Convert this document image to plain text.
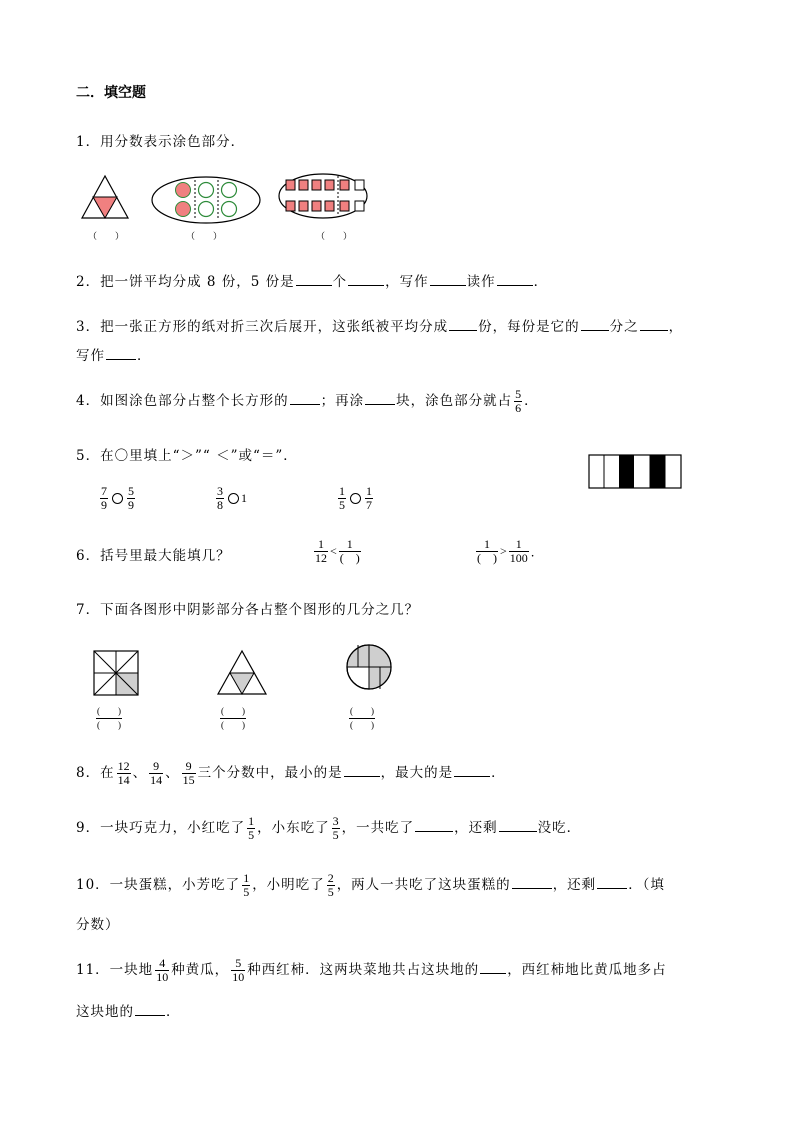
二．填空题
1．用分数表示涂色部分．
（　　）	（　　）	（　　）
2．把一饼平均分成 8 份，5 份是	个	，写作	读作	．
3．把一张正方形的纸对折三次后展开，这张纸被平均分成 份，每份是它的 分之 ，
写作 ．
4．如图涂色部分占整个长方形的 ；再涂 块，涂色部分就占 $\frac{5}{6}$ ．
5．在〇里填上“＞”“ ＜”或“＝”．
$\frac{7}{9} \frac{5}{9}$	$\frac{3}{8} 1$	$\frac{1}{5} \frac{1}{7}$
6．括号里最大能填几？	$\frac{1}{12} < \frac{1}{( )}$	$\frac{1}{( )} > \frac{1}{100}$ ．
7．下面各图形中阴影部分各占整个图形的几分之几？
$\frac{( )}{( )}$	$\frac{( )}{( )}$	$\frac{( )}{( )}$
8．在 $\frac{12}{14}$ 、 $\frac{9}{14}$ 、 $\frac{9}{15}$ 三个分数中，最小的是	，最大的是	．
9．一块巧克力，小红吃了 $\frac{1}{5}$ ，小东吃了 $\frac{3}{5}$ ，一共吃了	，还剩	没吃．
10．一块蛋糕，小芳吃了 $\frac{1}{5}$ ，小明吃了 $\frac{2}{5}$ ，两人一共吃了这块蛋糕的	，还剩 ．（填
分数）
11．一块地 $\frac{4}{10}$ 种黄瓜， $\frac{5}{10}$ 种西红柿．这两块菜地共占这块地的 ，西红柿地比黄瓜地多占
这块地的 ．
